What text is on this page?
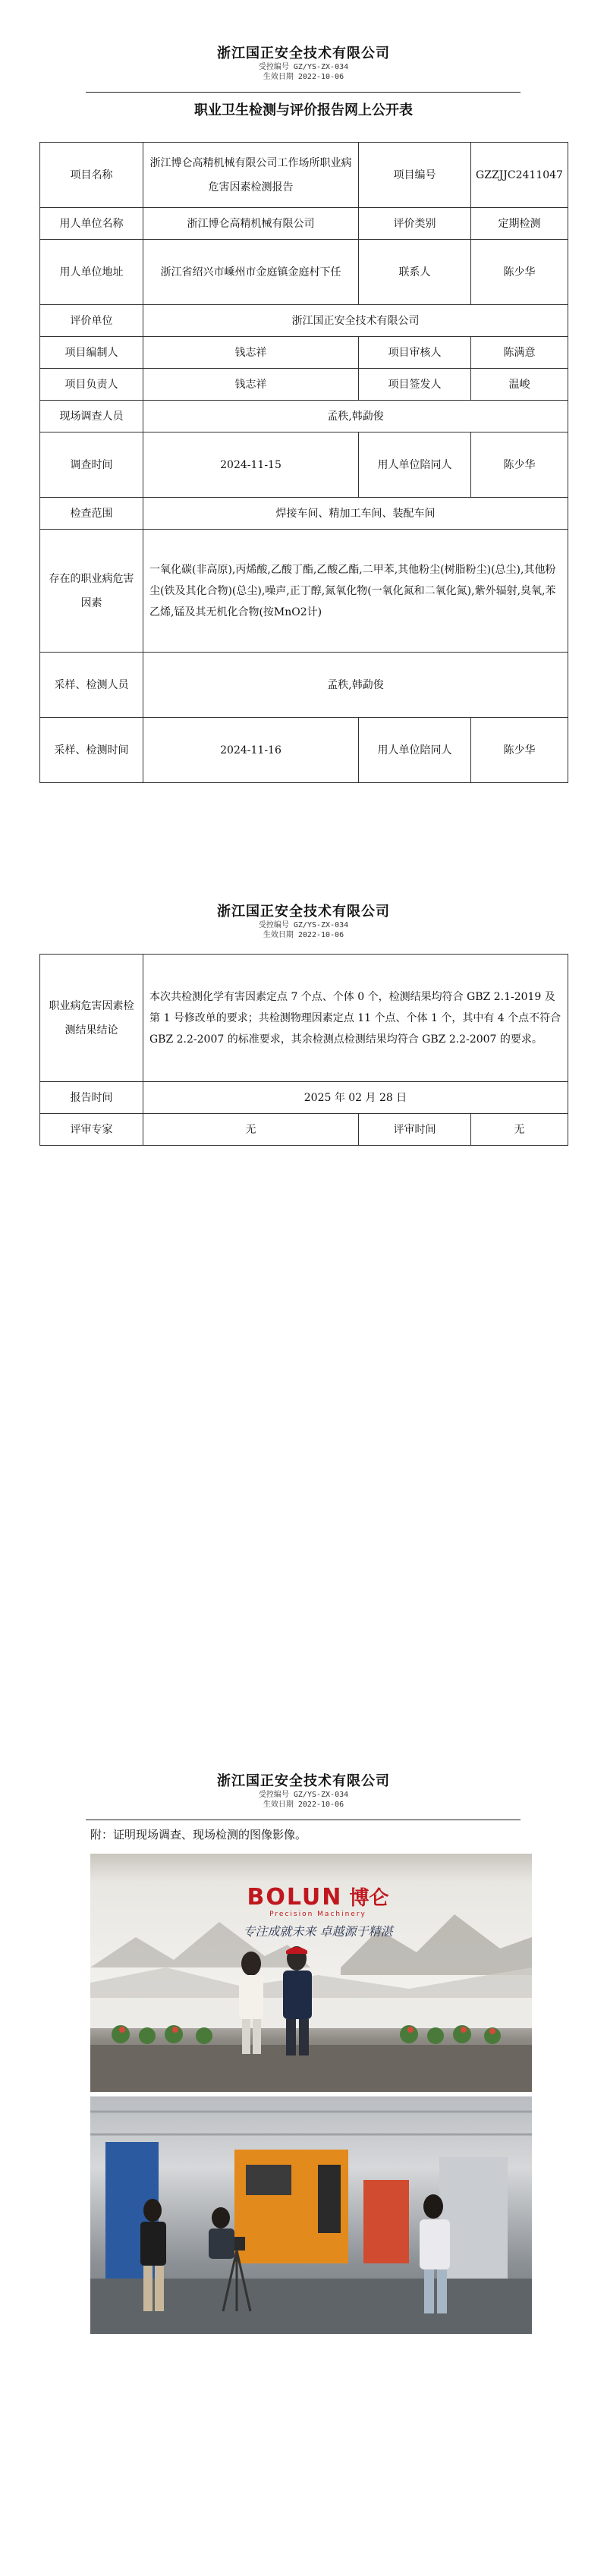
浙江国正安全技术有限公司
受控编号 GZ/YS-ZX-034
生效日期 2022-10-06
职业卫生检测与评价报告网上公开表
项目名称	浙江博仑高精机械有限公司工作场所职业病危害因素检测报告	项目编号	GZZJJC2411047
用人单位名称	浙江博仑高精机械有限公司	评价类别	定期检测
用人单位地址	浙江省绍兴市嵊州市金庭镇金庭村下任	联系人	陈少华
评价单位	浙江国正安全技术有限公司		
项目编制人	钱志祥	项目审核人	陈满意
项目负责人	钱志祥	项目签发人	温峻
现场调查人员	孟秩,韩勐俊		
调查时间	2024-11-15	用人单位陪同人	陈少华
检查范围	焊接车间、精加工车间、装配车间		
存在的职业病危害因素	一氧化碳(非高原),丙烯酸,乙酸丁酯,乙酸乙酯,二甲苯,其他粉尘(树脂粉尘)(总尘),其他粉尘(铁及其化合物)(总尘),噪声,正丁醇,氮氧化物(一氧化氮和二氧化氮),紫外辐射,臭氧,苯乙烯,锰及其无机化合物(按MnO2计)		
采样、检测人员	孟秩,韩勐俊		
采样、检测时间	2024-11-16	用人单位陪同人	陈少华
浙江国正安全技术有限公司
受控编号 GZ/YS-ZX-034
生效日期 2022-10-06
职业病危害因素检测结果结论	本次共检测化学有害因素定点 7 个点、个体 0 个，检测结果均符合 GBZ 2.1-2019 及第 1 号修改单的要求；共检测物理因素定点 11 个点、个体 1 个，其中有 4 个点不符合 GBZ 2.2-2007 的标准要求，其余检测点检测结果均符合 GBZ 2.2-2007 的要求。		
报告时间	2025 年 02 月 28 日		
评审专家	无	评审时间	无
浙江国正安全技术有限公司
受控编号 GZ/YS-ZX-034
生效日期 2022-10-06
附：证明现场调查、现场检测的图像影像。
BOLUN 博仑
Precision Machinery
专注成就未来 卓越源于精湛
